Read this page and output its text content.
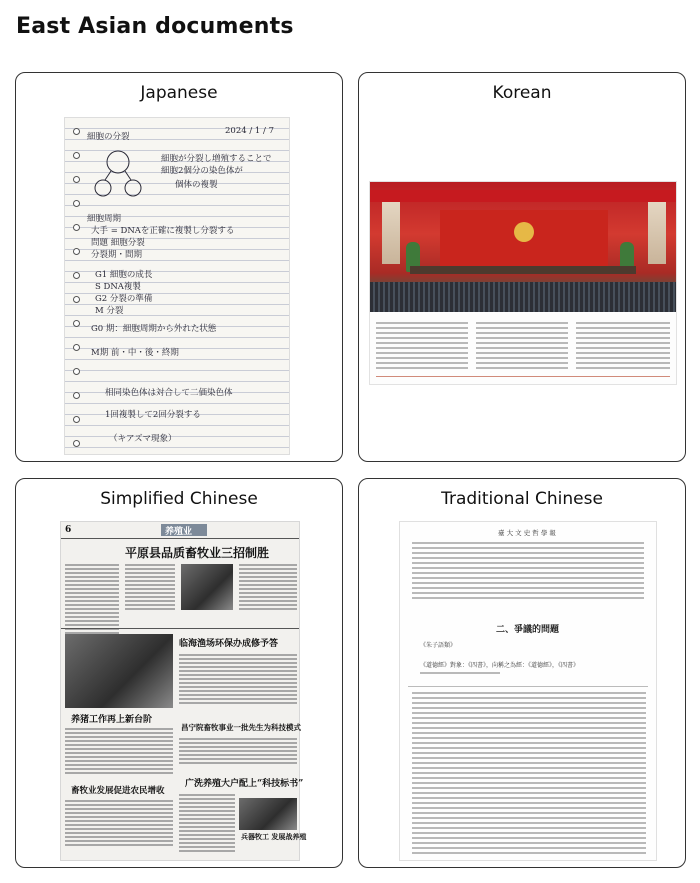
East Asian documents
Japanese
細胞の分裂
2024 / 1 / 7
細胞が分裂し増殖することで
細胞2個分の染色体が
個体の複製
細胞周期
大手 = DNAを正確に複製し分裂する
問題 細胞分裂
分裂期・間期
G1 細胞の成長
S DNA複製
G2 分裂の準備
M 分裂
G0 期：細胞周期から外れた状態
M期 前・中・後・終期
相同染色体は対合して二価染色体
1回複製して2回分裂する
（キアズマ現象）
Korean
Simplified Chinese
6	养殖业
平原县品质畜牧业三招制胜
临海渔场环保办成修予答
养猪工作再上新台阶
昌宁院畜牧事业一批先生为科技模式
广洗养殖大户配上“科技标书”
畜牧业发展促进农民增收
兵器牧工 发展战养殖
Traditional Chinese
臺 大 文 史 哲 學 報
二、爭議的問題
《朱子語類》
《道德經》對象：《四書》，向稱之為經：《道德經》，《四書》
